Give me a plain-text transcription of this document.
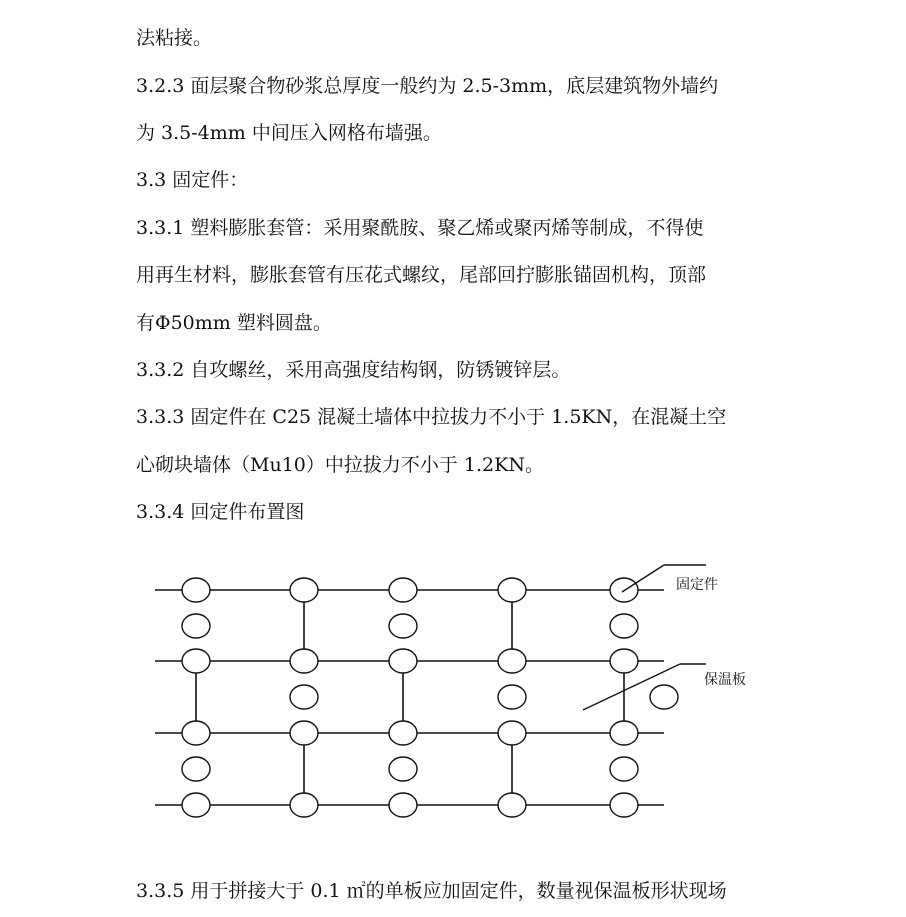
法粘接。
3.2.3 面层聚合物砂浆总厚度一般约为 2.5-3mm，底层建筑物外墙约
为 3.5-4mm 中间压入网格布墙强。
3.3 固定件：
3.3.1 塑料膨胀套管：采用聚酰胺、聚乙烯或聚丙烯等制成，不得使
用再生材料，膨胀套管有压花式螺纹，尾部回拧膨胀锚固机构，顶部
有Φ50mm 塑料圆盘。
3.3.2 自攻螺丝，采用高强度结构钢，防锈镀锌层。
3.3.3 固定件在 C25 混凝土墙体中拉拔力不小于 1.5KN，在混凝土空
心砌块墙体（Mu10）中拉拔力不小于 1.2KN。
3.3.4 回定件布置图
3.3.5 用于拼接大于 0.1 ㎡的单板应加固定件，数量视保温板形状现场
固定件
保温板
